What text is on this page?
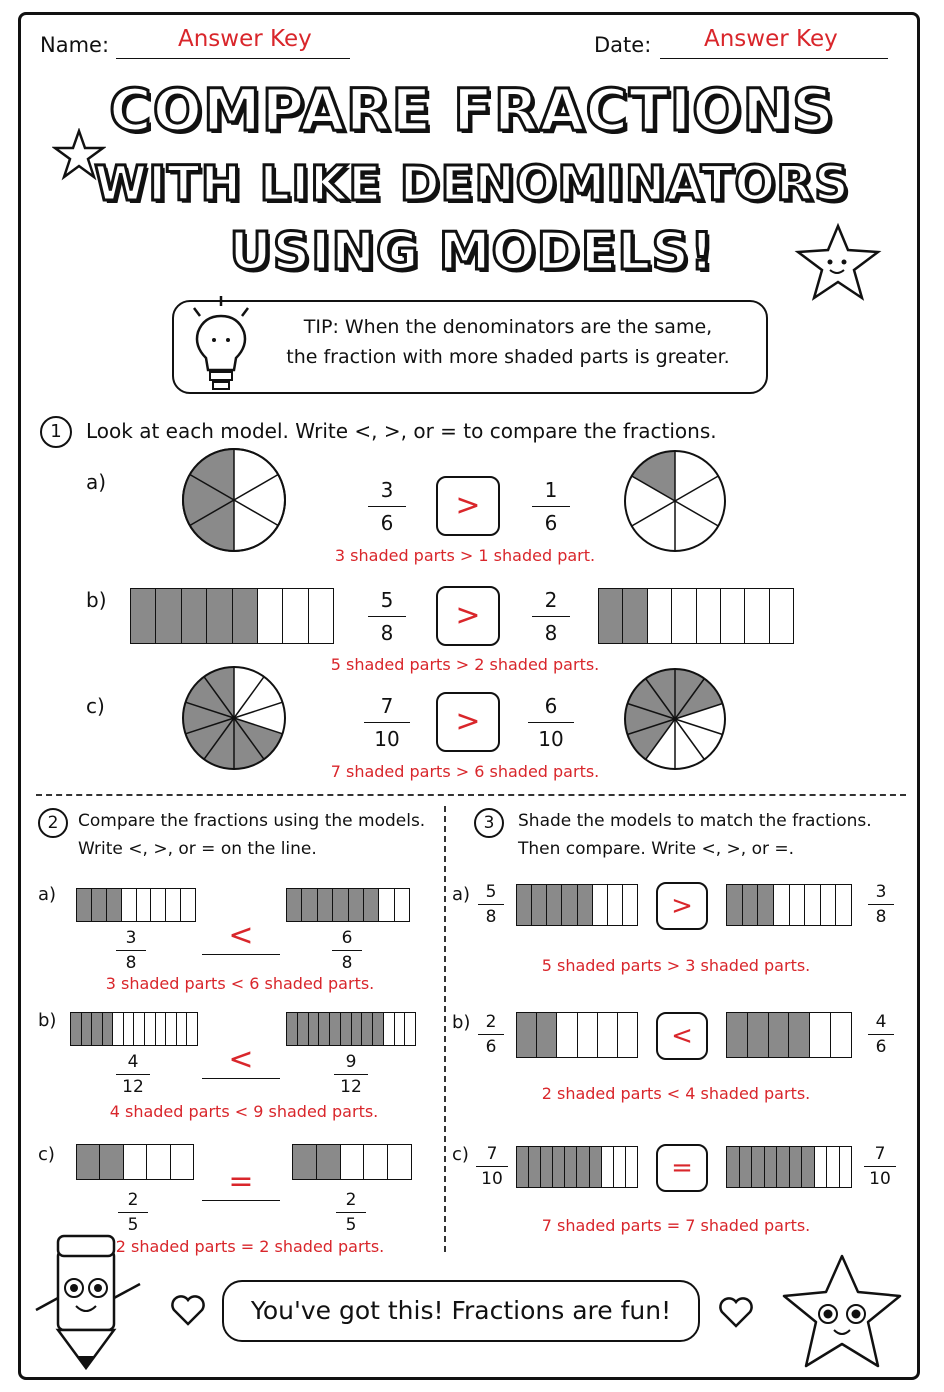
Name:	Answer Key	Date: Answer Key
COMPARE FRACTIONS
WITH LIKE DENOMINATORS
USING MODELS!
TIP: When the denominators are the same,
the fraction with more shaded parts is greater.
1	Look at each model. Write <, >, or = to compare the fractions.
a)	3
6	>	1
6
3 shaded parts > 1 shaded part.
b)	5
8	>	2
8
5 shaded parts > 2 shaded parts.
c)	7
10	>	6
10
7 shaded parts > 6 shaded parts.
2	Compare the fractions using the models.
Write <, >, or = on the line.
a)
3
8
<	6
8
3 shaded parts < 6 shaded parts.
b)
4
12
<	9
12
4 shaded parts < 9 shaded parts.
c)
2
5
=
2
5
2 shaded parts = 2 shaded parts.
3	Shade the models to match the fractions.
Then compare. Write <, >, or =.
a) 5
8	>	3
8
5 shaded parts > 3 shaded parts.
b) 2
6	<	4
6
2 shaded parts < 4 shaded parts.
c)	7
10	=	7
10
7 shaded parts = 7 shaded parts.
You've got this! Fractions are fun!
